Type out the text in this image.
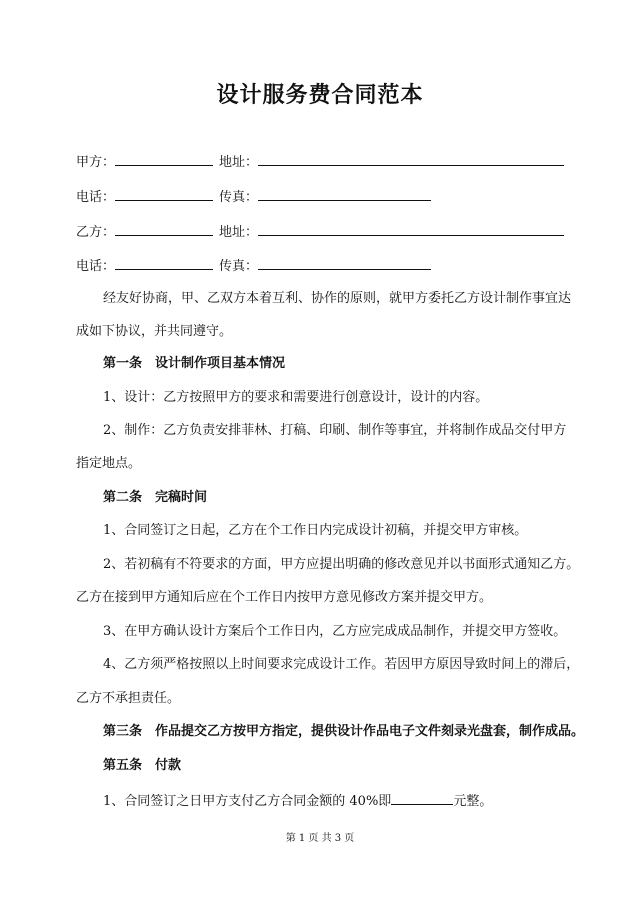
设计服务费合同范本
甲方：	地址：
电话：	传真：
乙方：	地址：
电话：	传真：
经友好协商，甲、乙双方本着互利、协作的原则，就甲方委托乙方设计制作事宜达
成如下协议，并共同遵守。
第一条　设计制作项目基本情况
1、设计：乙方按照甲方的要求和需要进行创意设计，设计的内容。
2、制作：乙方负责安排菲林、打稿、印刷、制作等事宜，并将制作成品交付甲方
指定地点。
第二条　完稿时间
1、合同签订之日起，乙方在个工作日内完成设计初稿，并提交甲方审核。
2、若初稿有不符要求的方面，甲方应提出明确的修改意见并以书面形式通知乙方。
乙方在接到甲方通知后应在个工作日内按甲方意见修改方案并提交甲方。
3、在甲方确认设计方案后个工作日内，乙方应完成成品制作，并提交甲方签收。
4、乙方须严格按照以上时间要求完成设计工作。若因甲方原因导致时间上的滞后，
乙方不承担责任。
第三条　作品提交乙方按甲方指定，提供设计作品电子文件刻录光盘套，制作成品。
第五条　付款
1、合同签订之日甲方支付乙方合同金额的 40%即	元整。
第 1 页 共 3 页
